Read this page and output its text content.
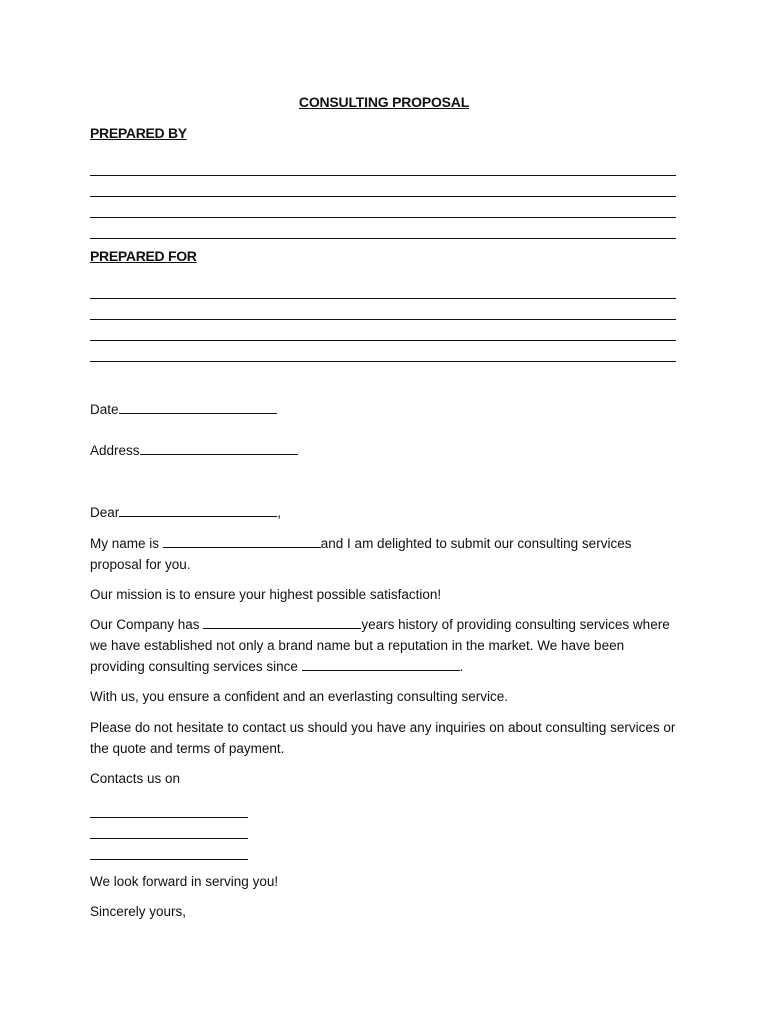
CONSULTING PROPOSAL
PREPARED BY
PREPARED FOR

Date

Address

Dear	,

My name is	and I am delighted to submit our consulting services proposal for you.

Our mission is to ensure your highest possible satisfaction!

Our Company has	years history of providing consulting services where we have established not only a brand name but a reputation in the market. We have been providing consulting services since	.

With us, you ensure a confident and an everlasting consulting service.

Please do not hesitate to contact us should you have any inquiries on about consulting services or the quote and terms of payment.

Contacts us on

We look forward in serving you!

Sincerely yours,
